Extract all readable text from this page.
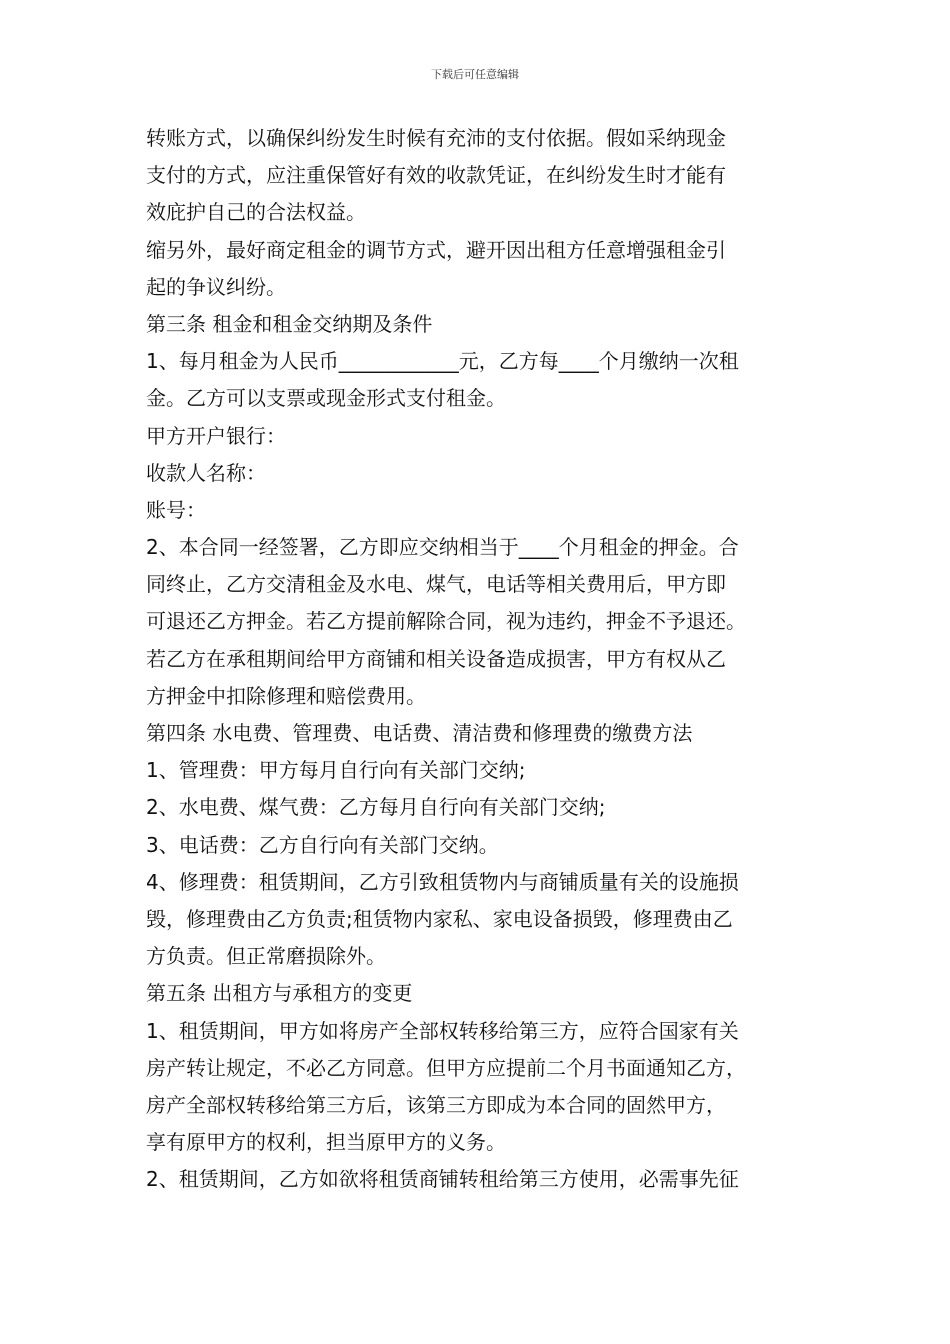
下载后可任意编辑
转账方式，以确保纠纷发生时候有充沛的支付依据。假如采纳现金
支付的方式，应注重保管好有效的收款凭证，在纠纷发生时才能有
效庇护自己的合法权益。
缩另外，最好商定租金的调节方式，避开因出租方任意增强租金引
起的争议纠纷。
第三条 租金和租金交纳期及条件
1、每月租金为人民币____________元，乙方每____个月缴纳一次租
金。乙方可以支票或现金形式支付租金。
甲方开户银行：
收款人名称：
账号：
2、本合同一经签署，乙方即应交纳相当于____个月租金的押金。合
同终止，乙方交清租金及水电、煤气，电话等相关费用后，甲方即
可退还乙方押金。若乙方提前解除合同，视为违约，押金不予退还。
若乙方在承租期间给甲方商铺和相关设备造成损害，甲方有权从乙
方押金中扣除修理和赔偿费用。
第四条 水电费、管理费、电话费、清洁费和修理费的缴费方法
1、管理费：甲方每月自行向有关部门交纳;
2、水电费、煤气费：乙方每月自行向有关部门交纳;
3、电话费：乙方自行向有关部门交纳。
4、修理费：租赁期间，乙方引致租赁物内与商铺质量有关的设施损
毁，修理费由乙方负责;租赁物内家私、家电设备损毁，修理费由乙
方负责。但正常磨损除外。
第五条 出租方与承租方的变更
1、租赁期间，甲方如将房产全部权转移给第三方，应符合国家有关
房产转让规定，不必乙方同意。但甲方应提前二个月书面通知乙方，
房产全部权转移给第三方后，该第三方即成为本合同的固然甲方，
享有原甲方的权利，担当原甲方的义务。
2、租赁期间，乙方如欲将租赁商铺转租给第三方使用，必需事先征
